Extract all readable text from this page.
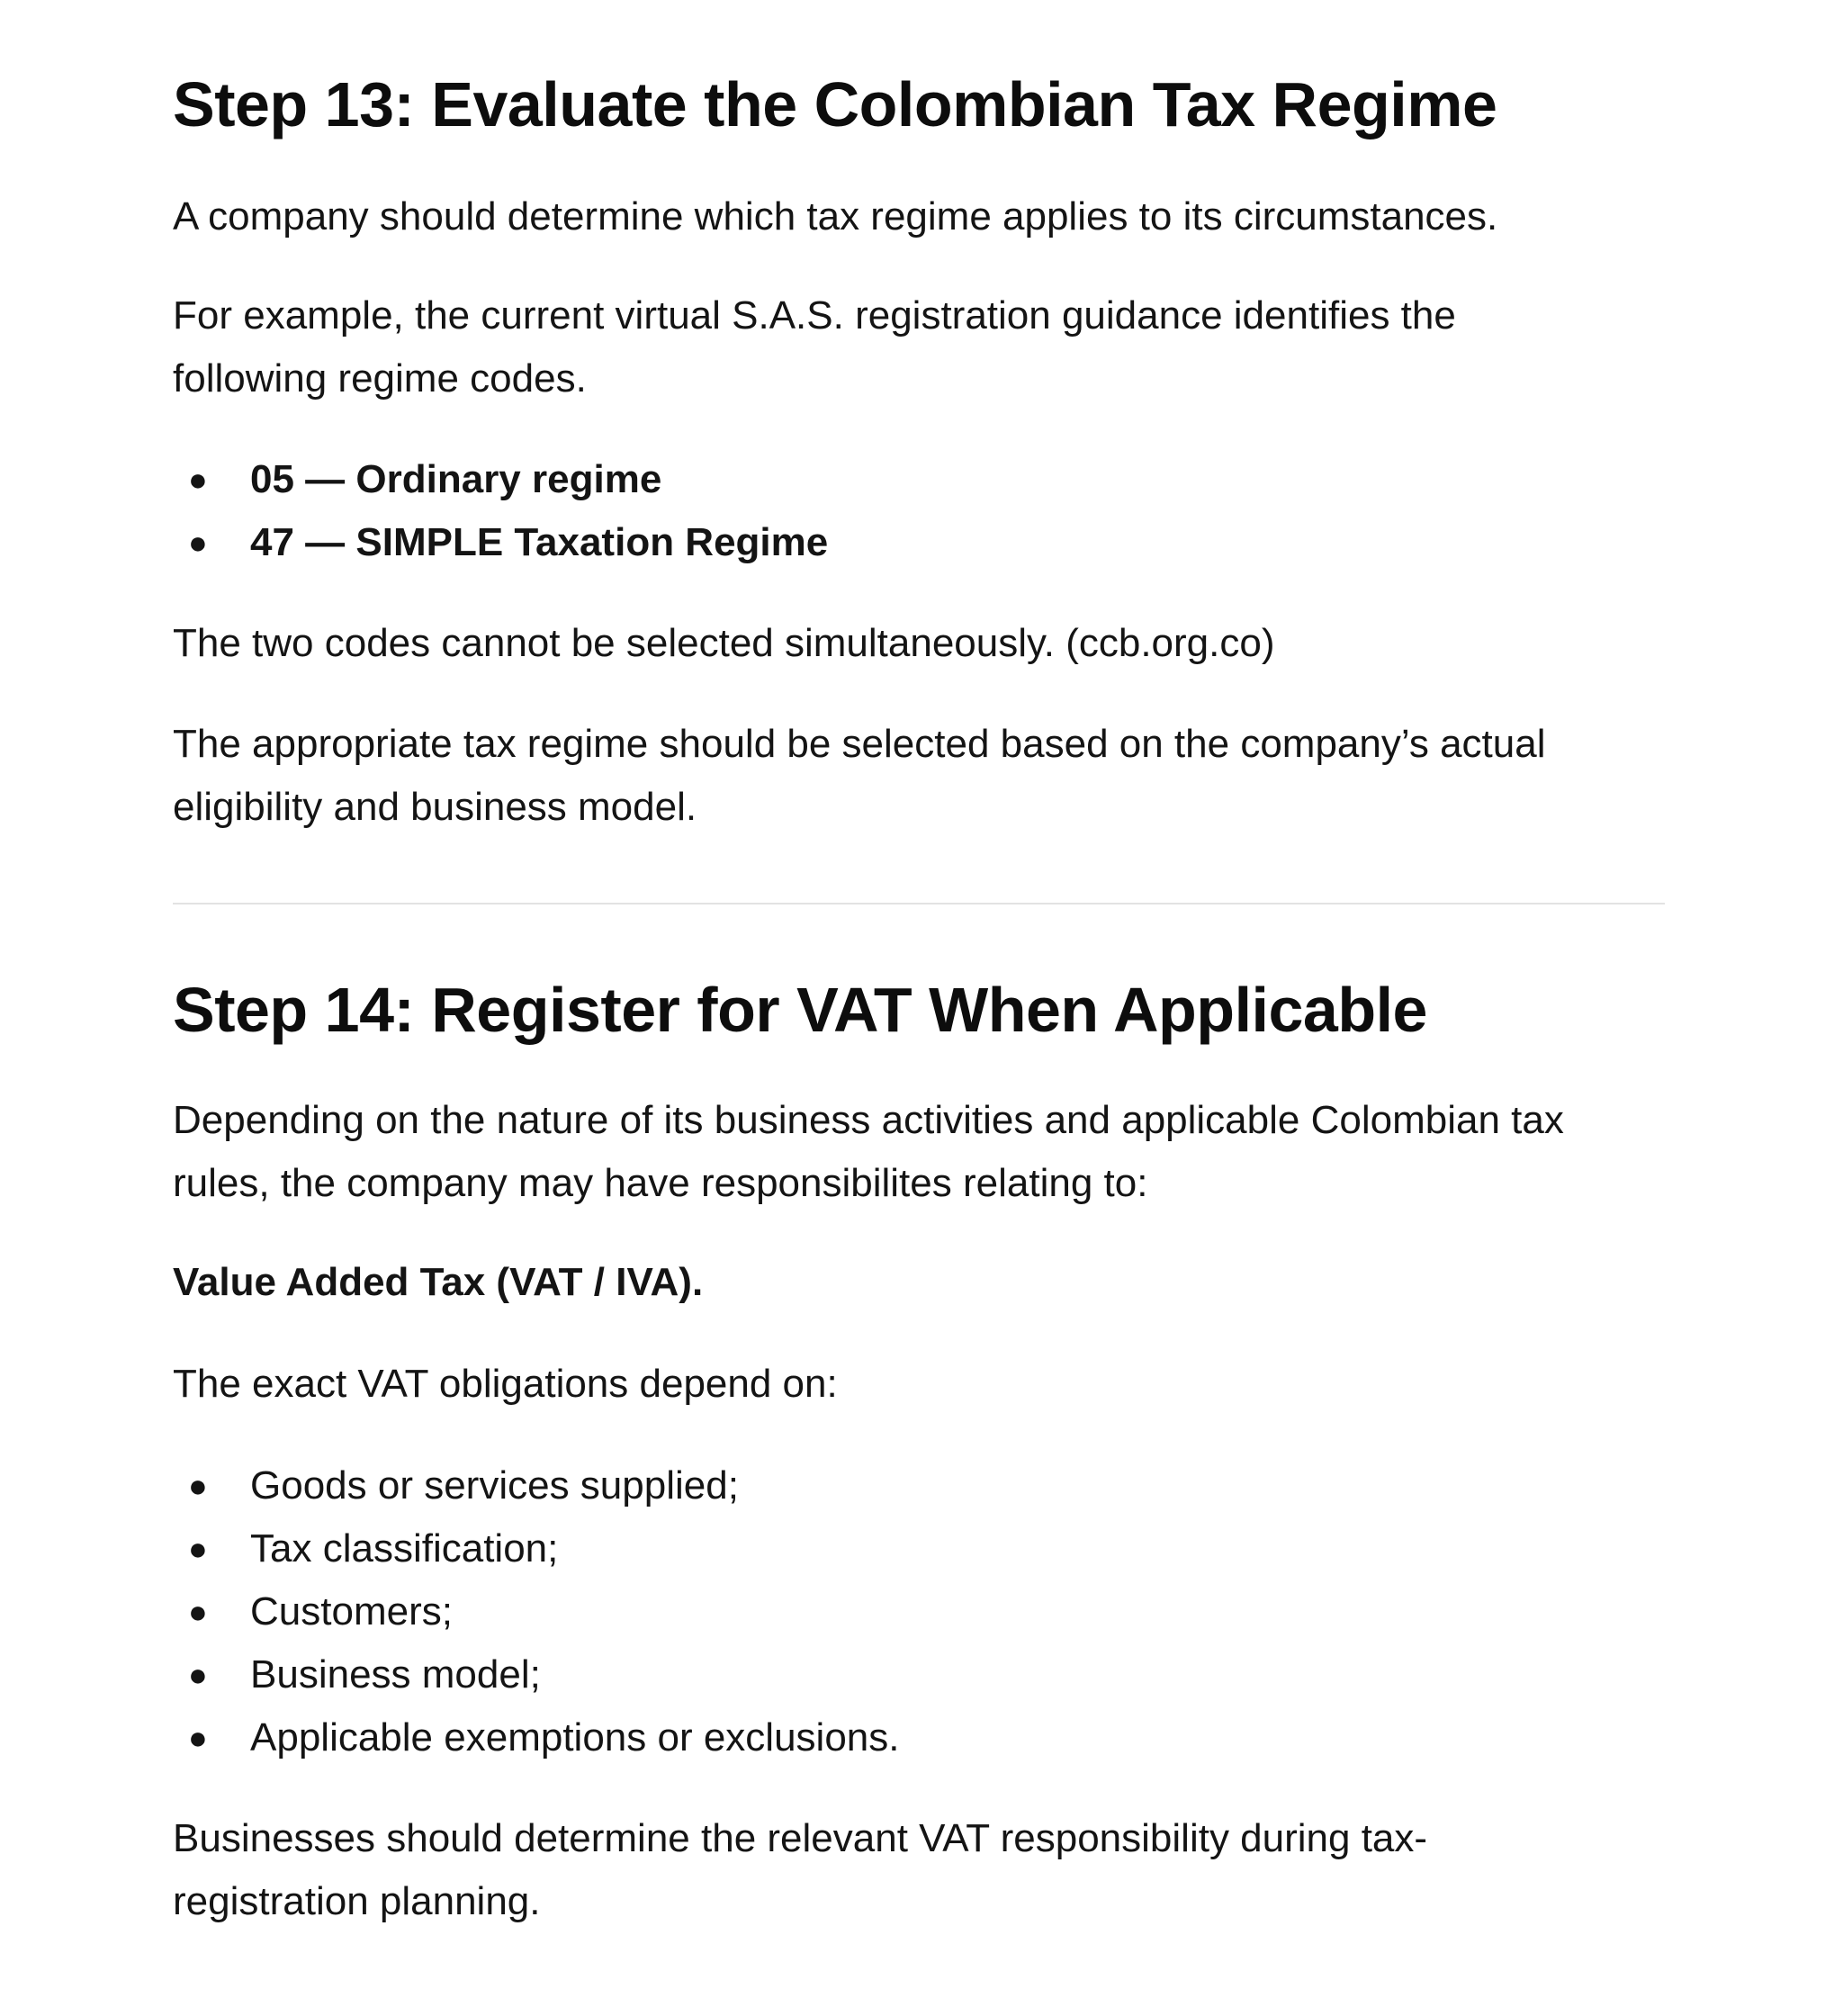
Step 13: Evaluate the Colombian Tax Regime

A company should determine which tax regime applies to its circumstances.

For example, the current virtual S.A.S. registration guidance identifies the following regime codes.

● 05 — Ordinary regime
● 47 — SIMPLE Taxation Regime

The two codes cannot be selected simultaneously. (ccb.org.co)

The appropriate tax regime should be selected based on the company’s actual eligibility and business model.

Step 14: Register for VAT When Applicable

Depending on the nature of its business activities and applicable Colombian tax rules, the company may have responsibilites relating to:

Value Added Tax (VAT / IVA).

The exact VAT obligations depend on:

● Goods or services supplied;
● Tax classification;
● Customers;
● Business model;
● Applicable exemptions or exclusions.

Businesses should determine the relevant VAT responsibility during tax-registration planning.
